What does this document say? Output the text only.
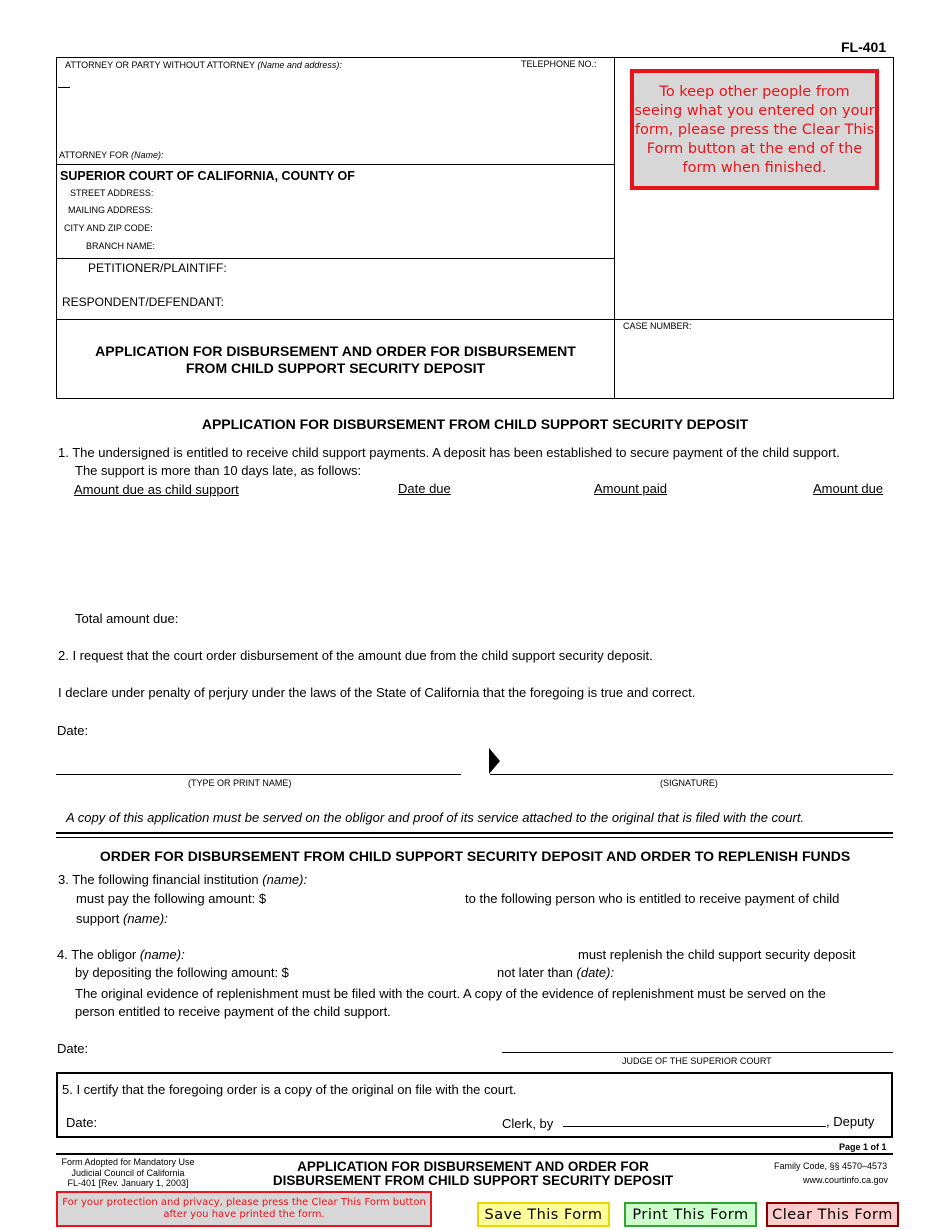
FL-401
ATTORNEY OR PARTY WITHOUT ATTORNEY (Name and address):	TELEPHONE NO.:
ATTORNEY FOR (Name):
SUPERIOR COURT OF CALIFORNIA, COUNTY OF
STREET ADDRESS:
MAILING ADDRESS:
CITY AND ZIP CODE:
BRANCH NAME:
PETITIONER/PLAINTIFF:
RESPONDENT/DEFENDANT:
APPLICATION FOR DISBURSEMENT AND ORDER FOR DISBURSEMENT
FROM CHILD SUPPORT SECURITY DEPOSIT
CASE NUMBER:
To keep other people from seeing what you entered on your form, please press the Clear This Form button at the end of the form when finished.
APPLICATION FOR DISBURSEMENT FROM CHILD SUPPORT SECURITY DEPOSIT
1. The undersigned is entitled to receive child support payments. A deposit has been established to secure payment of the child support.
The support is more than 10 days late, as follows:
Amount due as child support	Date due	Amount paid	Amount due
Total amount due:
2. I request that the court order disbursement of the amount due from the child support security deposit.
I declare under penalty of perjury under the laws of the State of California that the foregoing is true and correct.
Date:
(TYPE OR PRINT NAME)	(SIGNATURE)
A copy of this application must be served on the obligor and proof of its service attached to the original that is filed with the court.
ORDER FOR DISBURSEMENT FROM CHILD SUPPORT SECURITY DEPOSIT AND ORDER TO REPLENISH FUNDS
3. The following financial institution (name):
must pay the following amount: $	to the following person who is entitled to receive payment of child
support (name):
4. The obligor (name):	must replenish the child support security deposit
by depositing the following amount: $	not later than (date):
The original evidence of replenishment must be filed with the court. A copy of the evidence of replenishment must be served on the
person entitled to receive payment of the child support.
Date:
JUDGE OF THE SUPERIOR COURT
5. I certify that the foregoing order is a copy of the original on file with the court.
Date:	Clerk, by	, Deputy
Page 1 of 1
Form Adopted for Mandatory Use
Judicial Council of California
FL-401 [Rev. January 1, 2003]
APPLICATION FOR DISBURSEMENT AND ORDER FOR
DISBURSEMENT FROM CHILD SUPPORT SECURITY DEPOSIT
Family Code, §§ 4570–4573
www.courtinfo.ca.gov
For your protection and privacy, please press the Clear This Form button after you have printed the form.	Save This Form	Print This Form	Clear This Form
